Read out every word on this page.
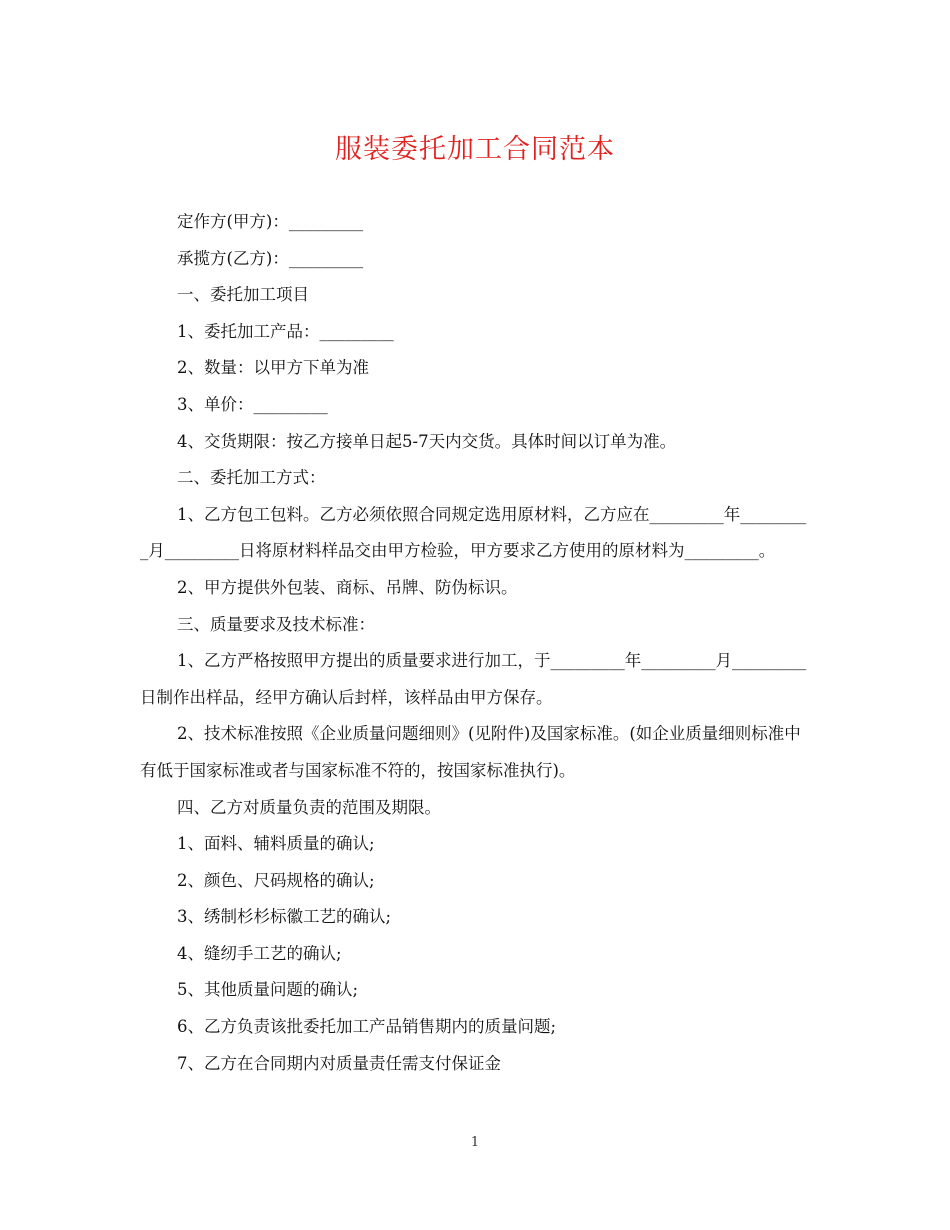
服装委托加工合同范本

定作方(甲方)：_________

承揽方(乙方)：_________

一、委托加工项目

1、委托加工产品：_________

2、数量：以甲方下单为准

3、单价：_________

4、交货期限：按乙方接单日起5-7天内交货。具体时间以订单为准。

二、委托加工方式：

1、乙方包工包料。乙方必须依照合同规定选用原材料，乙方应在_________年_________月_________日将原材料样品交由甲方检验，甲方要求乙方使用的原材料为_________。

2、甲方提供外包装、商标、吊牌、防伪标识。

三、质量要求及技术标准：

1、乙方严格按照甲方提出的质量要求进行加工，于_________年_________月_________日制作出样品，经甲方确认后封样，该样品由甲方保存。

2、技术标准按照《企业质量问题细则》(见附件)及国家标准。(如企业质量细则标准中有低于国家标准或者与国家标准不符的，按国家标准执行)。

四、乙方对质量负责的范围及期限。

1、面料、辅料质量的确认;

2、颜色、尺码规格的确认;

3、绣制杉杉标徽工艺的确认;

4、缝纫手工艺的确认;

5、其他质量问题的确认;

6、乙方负责该批委托加工产品销售期内的质量问题;

7、乙方在合同期内对质量责任需支付保证金

1
